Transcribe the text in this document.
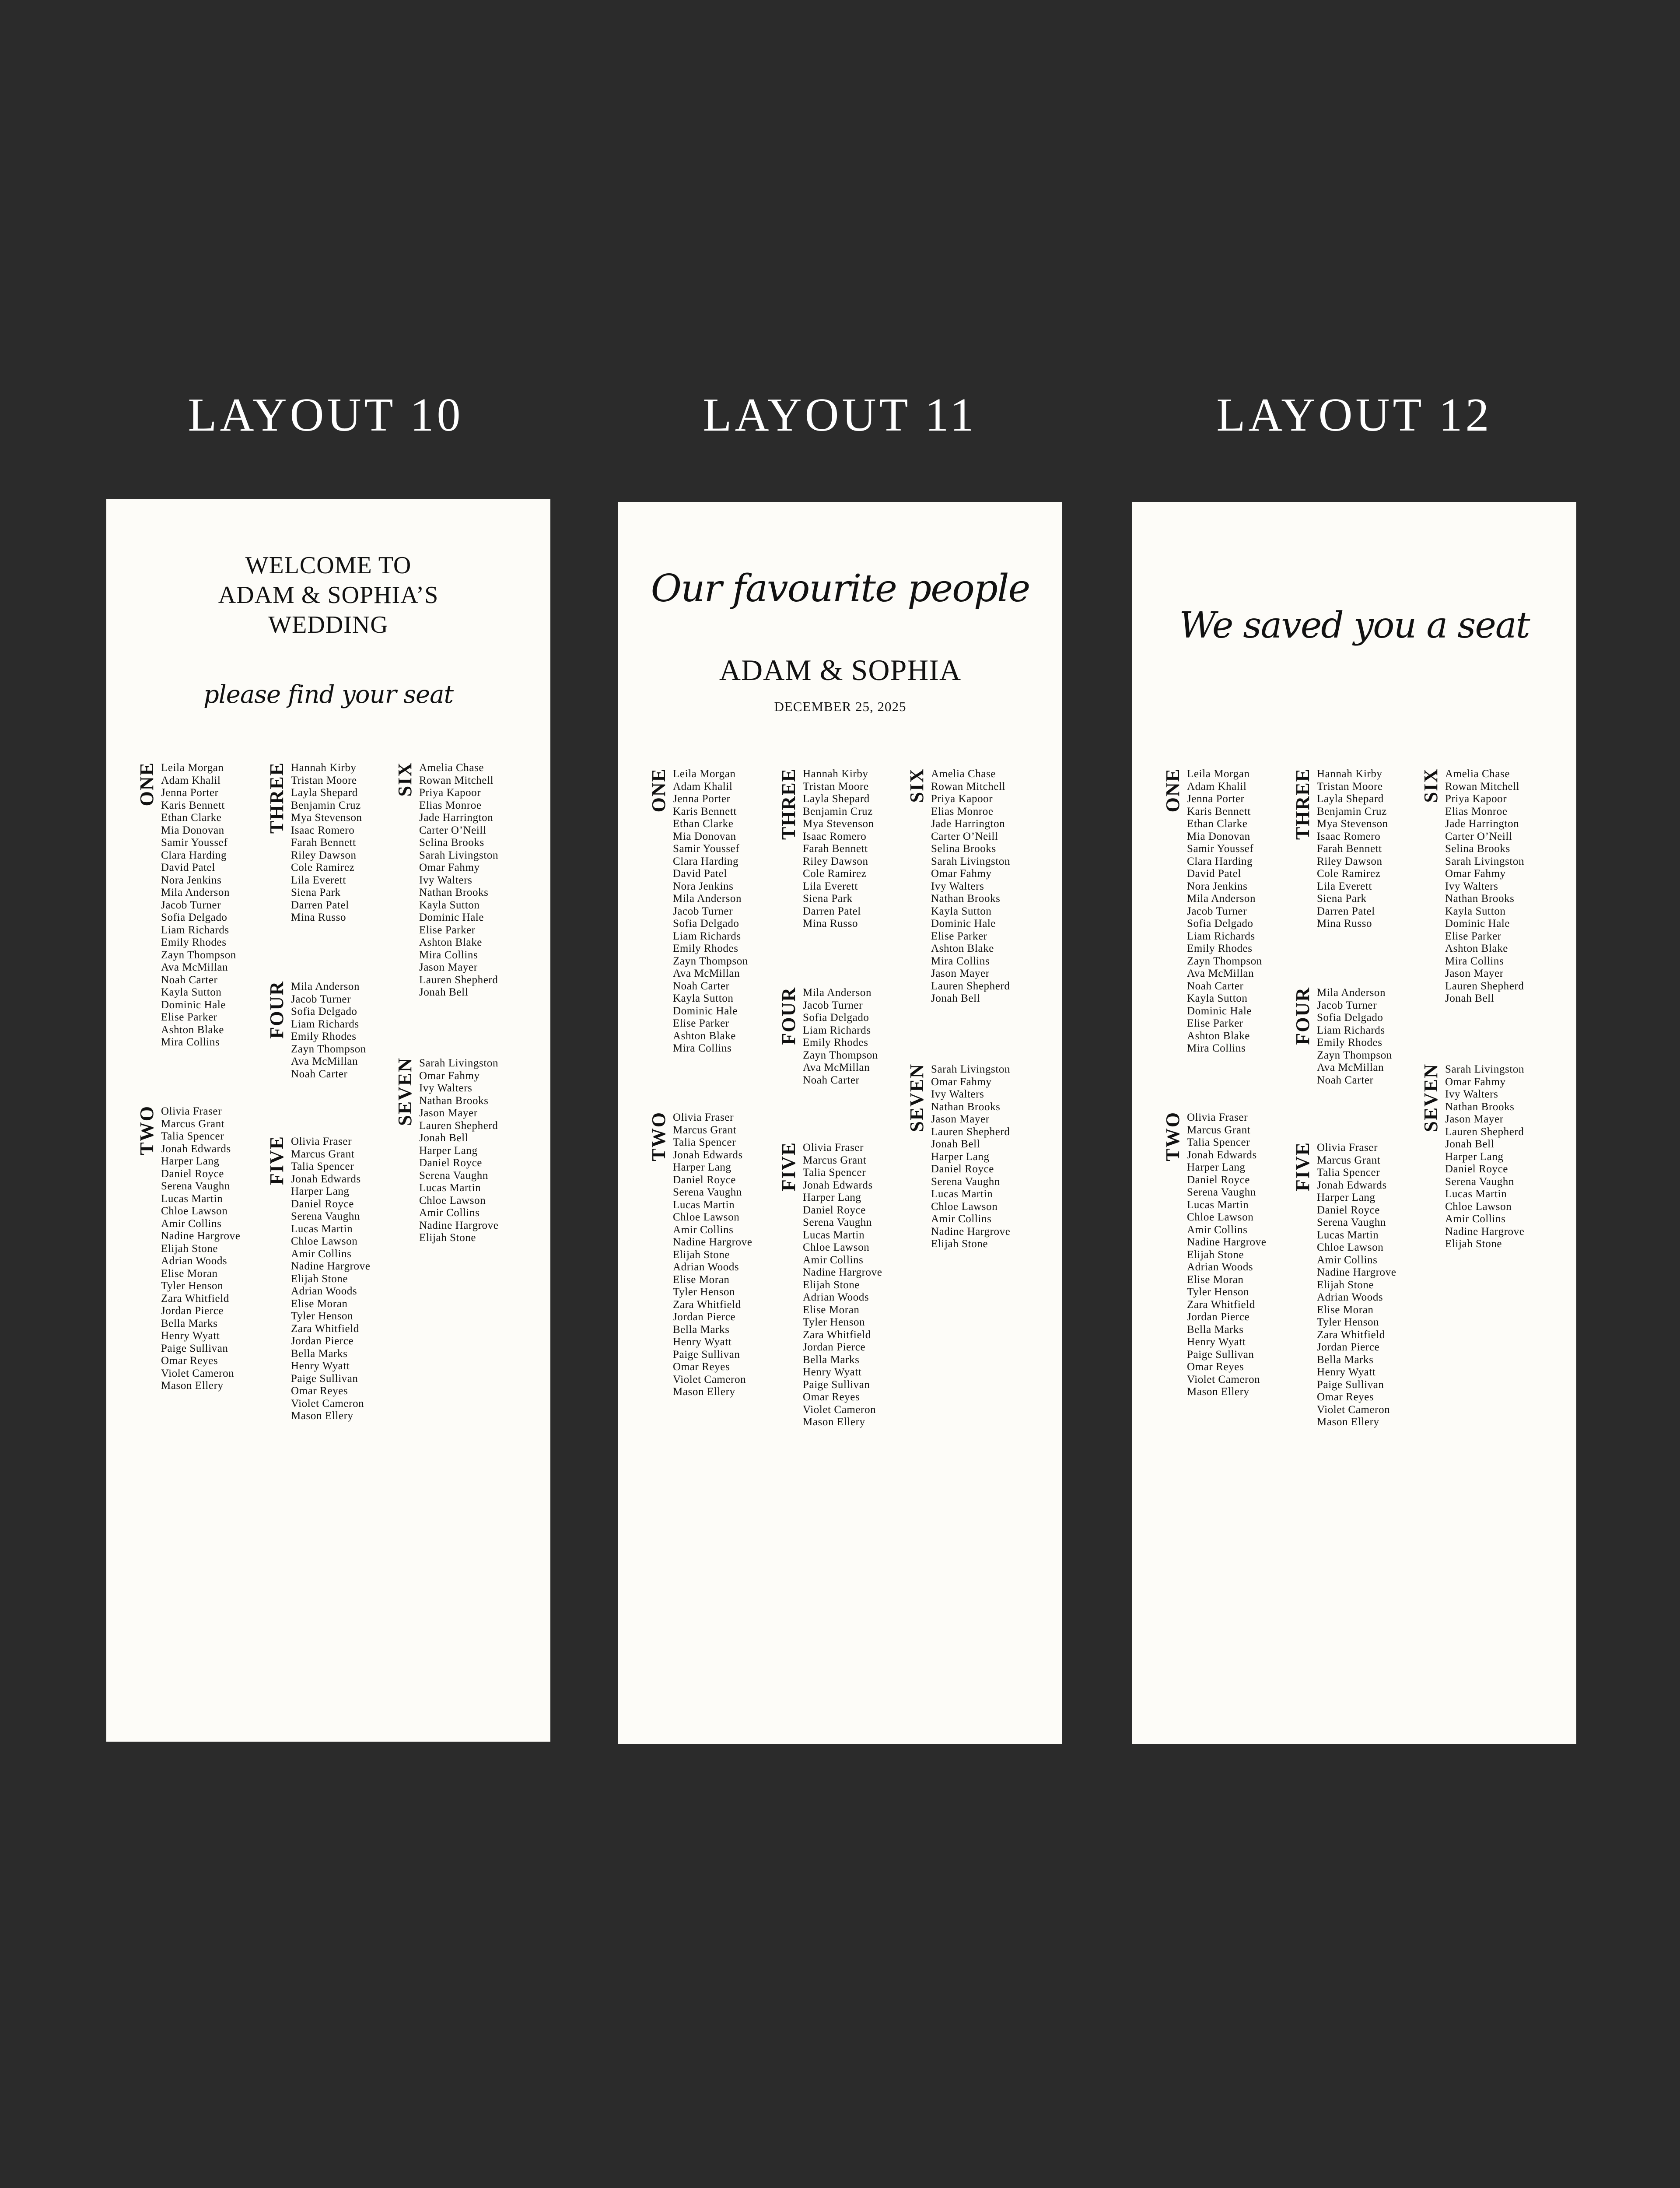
LAYOUT 10	LAYOUT 11	LAYOUT 12
WELCOME TO
ADAM & SOPHIA’S
WEDDING
please find your seat
ONE Leila Morgan
Adam Khalil
Jenna Porter
Karis Bennett
Ethan Clarke
Mia Donovan
Samir Youssef
Clara Harding
David Patel
Nora Jenkins
Mila Anderson
Jacob Turner
Sofia Delgado
Liam Richards
Emily Rhodes
Zayn Thompson
Ava McMillan
Noah Carter
Kayla Sutton
Dominic Hale
Elise Parker
Ashton Blake
Mira Collins
TWO Olivia Fraser
Marcus Grant
Talia Spencer
Jonah Edwards
Harper Lang
Daniel Royce
Serena Vaughn
Lucas Martin
Chloe Lawson
Amir Collins
Nadine Hargrove
Elijah Stone
Adrian Woods
Elise Moran
Tyler Henson
Zara Whitfield
Jordan Pierce
Bella Marks
Henry Wyatt
Paige Sullivan
Omar Reyes
Violet Cameron
Mason Ellery
THREE Hannah Kirby
Tristan Moore
Layla Shepard
Benjamin Cruz
Mya Stevenson
Isaac Romero
Farah Bennett
Riley Dawson
Cole Ramirez
Lila Everett
Siena Park
Darren Patel
Mina Russo
FOUR Mila Anderson
Jacob Turner
Sofia Delgado
Liam Richards
Emily Rhodes
Zayn Thompson
Ava McMillan
Noah Carter
FIVE Olivia Fraser
Marcus Grant
Talia Spencer
Jonah Edwards
Harper Lang
Daniel Royce
Serena Vaughn
Lucas Martin
Chloe Lawson
Amir Collins
Nadine Hargrove
Elijah Stone
Adrian Woods
Elise Moran
Tyler Henson
Zara Whitfield
Jordan Pierce
Bella Marks
Henry Wyatt
Paige Sullivan
Omar Reyes
Violet Cameron
Mason Ellery
SIX Amelia Chase
Rowan Mitchell
Priya Kapoor
Elias Monroe
Jade Harrington
Carter O’Neill
Selina Brooks
Sarah Livingston
Omar Fahmy
Ivy Walters
Nathan Brooks
Kayla Sutton
Dominic Hale
Elise Parker
Ashton Blake
Mira Collins
Jason Mayer
Lauren Shepherd
Jonah Bell
SEVEN Sarah Livingston
Omar Fahmy
Ivy Walters
Nathan Brooks
Jason Mayer
Lauren Shepherd
Jonah Bell
Harper Lang
Daniel Royce
Serena Vaughn
Lucas Martin
Chloe Lawson
Amir Collins
Nadine Hargrove
Elijah Stone
Our favourite people
ADAM & SOPHIA
DECEMBER 25, 2025
ONE Leila Morgan
Adam Khalil
Jenna Porter
Karis Bennett
Ethan Clarke
Mia Donovan
Samir Youssef
Clara Harding
David Patel
Nora Jenkins
Mila Anderson
Jacob Turner
Sofia Delgado
Liam Richards
Emily Rhodes
Zayn Thompson
Ava McMillan
Noah Carter
Kayla Sutton
Dominic Hale
Elise Parker
Ashton Blake
Mira Collins
TWO Olivia Fraser
Marcus Grant
Talia Spencer
Jonah Edwards
Harper Lang
Daniel Royce
Serena Vaughn
Lucas Martin
Chloe Lawson
Amir Collins
Nadine Hargrove
Elijah Stone
Adrian Woods
Elise Moran
Tyler Henson
Zara Whitfield
Jordan Pierce
Bella Marks
Henry Wyatt
Paige Sullivan
Omar Reyes
Violet Cameron
Mason Ellery
THREE Hannah Kirby
Tristan Moore
Layla Shepard
Benjamin Cruz
Mya Stevenson
Isaac Romero
Farah Bennett
Riley Dawson
Cole Ramirez
Lila Everett
Siena Park
Darren Patel
Mina Russo
FOUR Mila Anderson
Jacob Turner
Sofia Delgado
Liam Richards
Emily Rhodes
Zayn Thompson
Ava McMillan
Noah Carter
FIVE Olivia Fraser
Marcus Grant
Talia Spencer
Jonah Edwards
Harper Lang
Daniel Royce
Serena Vaughn
Lucas Martin
Chloe Lawson
Amir Collins
Nadine Hargrove
Elijah Stone
Adrian Woods
Elise Moran
Tyler Henson
Zara Whitfield
Jordan Pierce
Bella Marks
Henry Wyatt
Paige Sullivan
Omar Reyes
Violet Cameron
Mason Ellery
SIX Amelia Chase
Rowan Mitchell
Priya Kapoor
Elias Monroe
Jade Harrington
Carter O’Neill
Selina Brooks
Sarah Livingston
Omar Fahmy
Ivy Walters
Nathan Brooks
Kayla Sutton
Dominic Hale
Elise Parker
Ashton Blake
Mira Collins
Jason Mayer
Lauren Shepherd
Jonah Bell
SEVEN Sarah Livingston
Omar Fahmy
Ivy Walters
Nathan Brooks
Jason Mayer
Lauren Shepherd
Jonah Bell
Harper Lang
Daniel Royce
Serena Vaughn
Lucas Martin
Chloe Lawson
Amir Collins
Nadine Hargrove
Elijah Stone
We saved you a seat
ONE Leila Morgan
Adam Khalil
Jenna Porter
Karis Bennett
Ethan Clarke
Mia Donovan
Samir Youssef
Clara Harding
David Patel
Nora Jenkins
Mila Anderson
Jacob Turner
Sofia Delgado
Liam Richards
Emily Rhodes
Zayn Thompson
Ava McMillan
Noah Carter
Kayla Sutton
Dominic Hale
Elise Parker
Ashton Blake
Mira Collins
TWO Olivia Fraser
Marcus Grant
Talia Spencer
Jonah Edwards
Harper Lang
Daniel Royce
Serena Vaughn
Lucas Martin
Chloe Lawson
Amir Collins
Nadine Hargrove
Elijah Stone
Adrian Woods
Elise Moran
Tyler Henson
Zara Whitfield
Jordan Pierce
Bella Marks
Henry Wyatt
Paige Sullivan
Omar Reyes
Violet Cameron
Mason Ellery
THREE Hannah Kirby
Tristan Moore
Layla Shepard
Benjamin Cruz
Mya Stevenson
Isaac Romero
Farah Bennett
Riley Dawson
Cole Ramirez
Lila Everett
Siena Park
Darren Patel
Mina Russo
FOUR Mila Anderson
Jacob Turner
Sofia Delgado
Liam Richards
Emily Rhodes
Zayn Thompson
Ava McMillan
Noah Carter
FIVE Olivia Fraser
Marcus Grant
Talia Spencer
Jonah Edwards
Harper Lang
Daniel Royce
Serena Vaughn
Lucas Martin
Chloe Lawson
Amir Collins
Nadine Hargrove
Elijah Stone
Adrian Woods
Elise Moran
Tyler Henson
Zara Whitfield
Jordan Pierce
Bella Marks
Henry Wyatt
Paige Sullivan
Omar Reyes
Violet Cameron
Mason Ellery
SIX Amelia Chase
Rowan Mitchell
Priya Kapoor
Elias Monroe
Jade Harrington
Carter O’Neill
Selina Brooks
Sarah Livingston
Omar Fahmy
Ivy Walters
Nathan Brooks
Kayla Sutton
Dominic Hale
Elise Parker
Ashton Blake
Mira Collins
Jason Mayer
Lauren Shepherd
Jonah Bell
SEVEN Sarah Livingston
Omar Fahmy
Ivy Walters
Nathan Brooks
Jason Mayer
Lauren Shepherd
Jonah Bell
Harper Lang
Daniel Royce
Serena Vaughn
Lucas Martin
Chloe Lawson
Amir Collins
Nadine Hargrove
Elijah Stone
